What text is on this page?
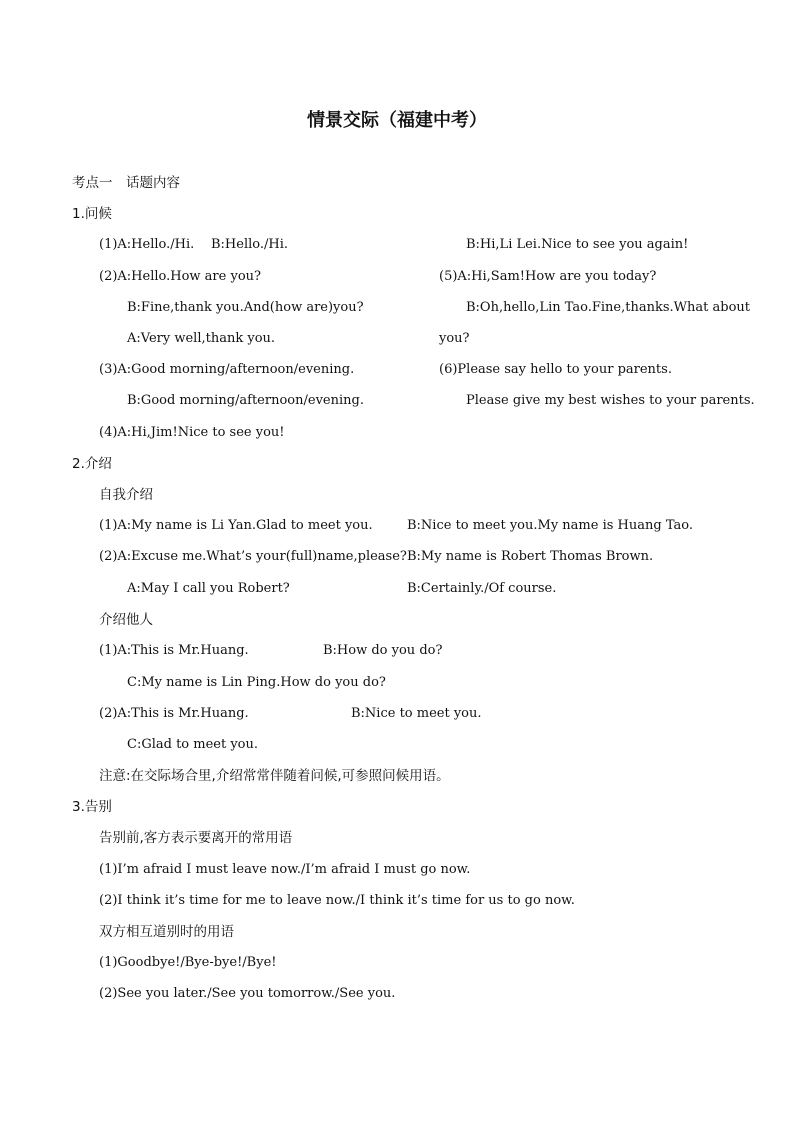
情景交际（福建中考）
考点一　话题内容
1.问候
(1)A:Hello./Hi. B:Hello./Hi.	B:Hi,Li Lei.Nice to see you again!
(2)A:Hello.How are you?	(5)A:Hi,Sam!How are you today?
B:Fine,thank you.And(how are)you?	B:Oh,hello,Lin Tao.Fine,thanks.What about
A:Very well,thank you.	you?
(3)A:Good morning/afternoon/evening.	(6)Please say hello to your parents.
B:Good morning/afternoon/evening.	Please give my best wishes to your parents.
(4)A:Hi,Jim!Nice to see you!
2.介绍
自我介绍
(1)A:My name is Li Yan.Glad to meet you.	B:Nice to meet you.My name is Huang Tao.
(2)A:Excuse me.What’s your(full)name,please? B:My name is Robert Thomas Brown.
A:May I call you Robert?	B:Certainly./Of course.
介绍他人
(1)A:This is Mr.Huang.	B:How do you do?
C:My name is Lin Ping.How do you do?
(2)A:This is Mr.Huang.	B:Nice to meet you.
C:Glad to meet you.
注意:在交际场合里,介绍常常伴随着问候,可参照问候用语。
3.告别
告别前,客方表示要离开的常用语
(1)I’m afraid I must leave now./I’m afraid I must go now.
(2)I think it’s time for me to leave now./I think it’s time for us to go now.
双方相互道别时的用语
(1)Goodbye!/Bye-bye!/Bye!
(2)See you later./See you tomorrow./See you.
